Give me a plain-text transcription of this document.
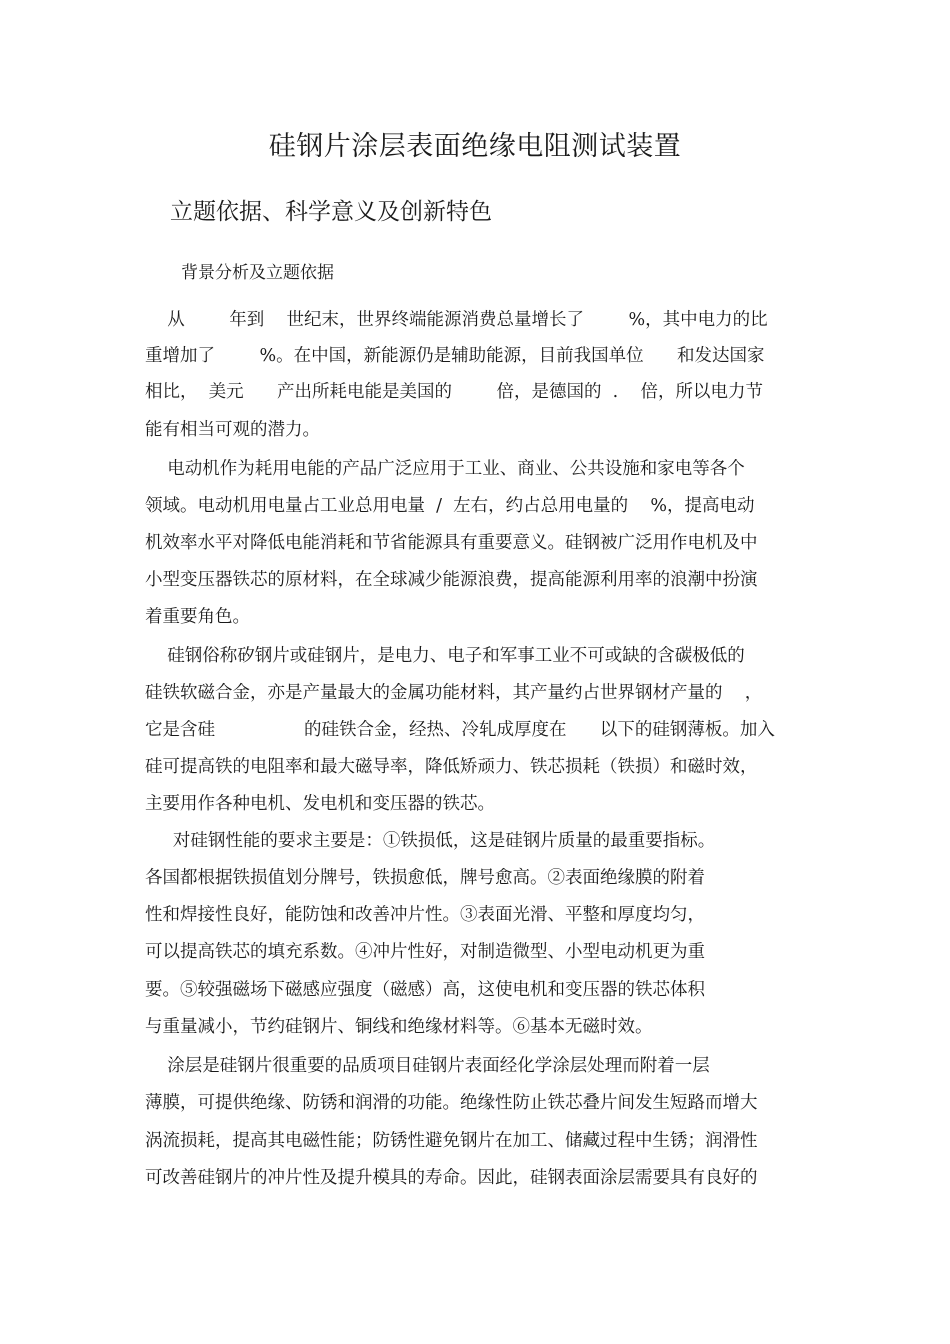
硅钢片涂层表面绝缘电阻测试装置
立题依据、科学意义及创新特色
背景分析及立题依据
从        年到    世纪末，世界终端能源消费总量增长了        %，其中电力的比
重增加了        %。在中国，新能源仍是辅助能源，目前我国单位      和发达国家
相比，  美元      产出所耗电能是美国的        倍，是德国的  .    倍，所以电力节
能有相当可观的潜力。
电动机作为耗用电能的产品广泛应用于工业、商业、公共设施和家电等各个
领域。电动机用电量占工业总用电量  /  左右，约占总用电量的    %，提高电动
机效率水平对降低电能消耗和节省能源具有重要意义。硅钢被广泛用作电机及中
小型变压器铁芯的原材料，在全球减少能源浪费，提高能源利用率的浪潮中扮演
着重要角色。
硅钢俗称矽钢片或硅钢片，是电力、电子和军事工业不可或缺的含碳极低的
硅铁软磁合金，亦是产量最大的金属功能材料，其产量约占世界钢材产量的    ，
它是含硅                的硅铁合金，经热、冷轧成厚度在      以下的硅钢薄板。加入
硅可提高铁的电阻率和最大磁导率，降低矫顽力、铁芯损耗（铁损）和磁时效，
主要用作各种电机、发电机和变压器的铁芯。
对硅钢性能的要求主要是：①铁损低，这是硅钢片质量的最重要指标。
各国都根据铁损值划分牌号，铁损愈低，牌号愈高。②表面绝缘膜的附着
性和焊接性良好，能防蚀和改善冲片性。③表面光滑、平整和厚度均匀，
可以提高铁芯的填充系数。④冲片性好，对制造微型、小型电动机更为重
要。⑤较强磁场下磁感应强度（磁感）高，这使电机和变压器的铁芯体积
与重量减小，节约硅钢片、铜线和绝缘材料等。⑥基本无磁时效。
涂层是硅钢片很重要的品质项目硅钢片表面经化学涂层处理而附着一层
薄膜，可提供绝缘、防锈和润滑的功能。绝缘性防止铁芯叠片间发生短路而增大
涡流损耗，提高其电磁性能；防锈性避免钢片在加工、储藏过程中生锈；润滑性
可改善硅钢片的冲片性及提升模具的寿命。因此，硅钢表面涂层需要具有良好的
